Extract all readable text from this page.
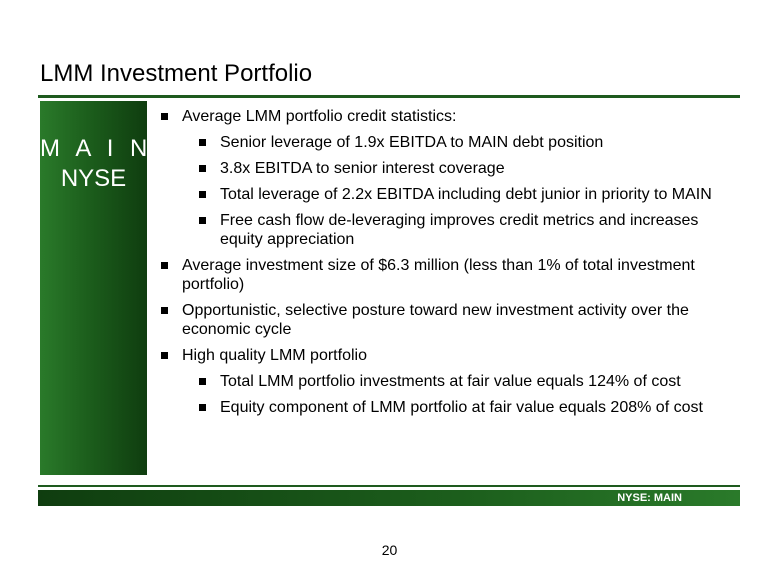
LMM Investment Portfolio
M A I N
NYSE
Average LMM portfolio credit statistics:
Senior leverage of 1.9x EBITDA to MAIN debt position
3.8x EBITDA to senior interest coverage
Total leverage of 2.2x EBITDA including debt junior in priority to MAIN
Free cash flow de-leveraging improves credit metrics and increases equity appreciation
Average investment size of $6.3 million (less than 1% of total investment portfolio)
Opportunistic, selective posture toward new investment activity over the economic cycle
High quality LMM portfolio
Total LMM portfolio investments at fair value equals 124% of cost
Equity component of LMM portfolio at fair value equals 208% of cost
NYSE: MAIN
20
